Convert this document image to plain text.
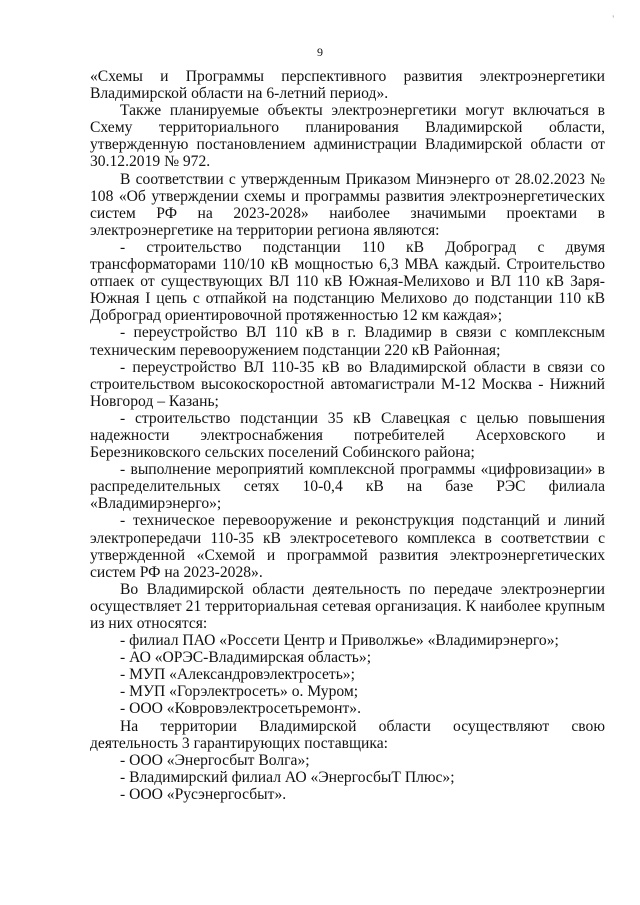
'
9

«Схемы и Программы перспективного развития электроэнергетики Владимирской области на 6-летний период».

Также планируемые объекты электроэнергетики могут включаться в Схему территориального планирования Владимирской области, утвержденную постановлением администрации Владимирской области от 30.12.2019 № 972.

В соответствии с утвержденным Приказом Минэнерго от 28.02.2023 № 108 «Об утверждении схемы и программы развития электроэнергетических систем РФ на 2023-2028» наиболее значимыми проектами в электроэнергетике на территории региона являются:

- строительство подстанции 110 кВ Доброград с двумя трансформаторами 110/10 кВ мощностью 6,3 МВА каждый. Строительство отпаек от существующих ВЛ 110 кВ Южная-Мелихово и ВЛ 110 кВ Заря-Южная I цепь с отпайкой на подстанцию Мелихово до подстанции 110 кВ Доброград ориентировочной протяженностью 12 км каждая»;

- переустройство ВЛ 110 кВ в г. Владимир в связи с комплексным техническим перевооружением подстанции 220 кВ Районная;

- переустройство ВЛ 110-35 кВ во Владимирской области в связи со строительством высокоскоростной автомагистрали М-12 Москва - Нижний Новгород – Казань;

- строительство подстанции 35 кВ Славецкая с целью повышения надежности электроснабжения потребителей Асерховского и Березниковского сельских поселений Собинского района;

- выполнение мероприятий комплексной программы «цифровизации» в распределительных сетях 10-0,4 кВ на базе РЭС филиала «Владимирэнерго»;

- техническое перевооружение и реконструкция подстанций и линий электропередачи 110-35 кВ электросетевого комплекса в соответствии с утвержденной «Схемой и программой развития электроэнергетических систем РФ на 2023-2028».

Во Владимирской области деятельность по передаче электроэнергии осуществляет 21 территориальная сетевая организация. К наиболее крупным из них относятся:

- филиал ПАО «Россети Центр и Приволжье» «Владимирэнерго»;

- АО «ОРЭС-Владимирская область»;

- МУП «Александровэлектросеть»;

- МУП «Горэлектросеть» о. Муром;

- ООО «Ковровэлектросетьремонт».

На территории Владимирской области осуществляют свою деятельность 3 гарантирующих поставщика:

- ООО «Энергосбыт Волга»;

- Владимирский филиал АО «ЭнергосбыТ Плюс»;

- ООО «Русэнергосбыт».
